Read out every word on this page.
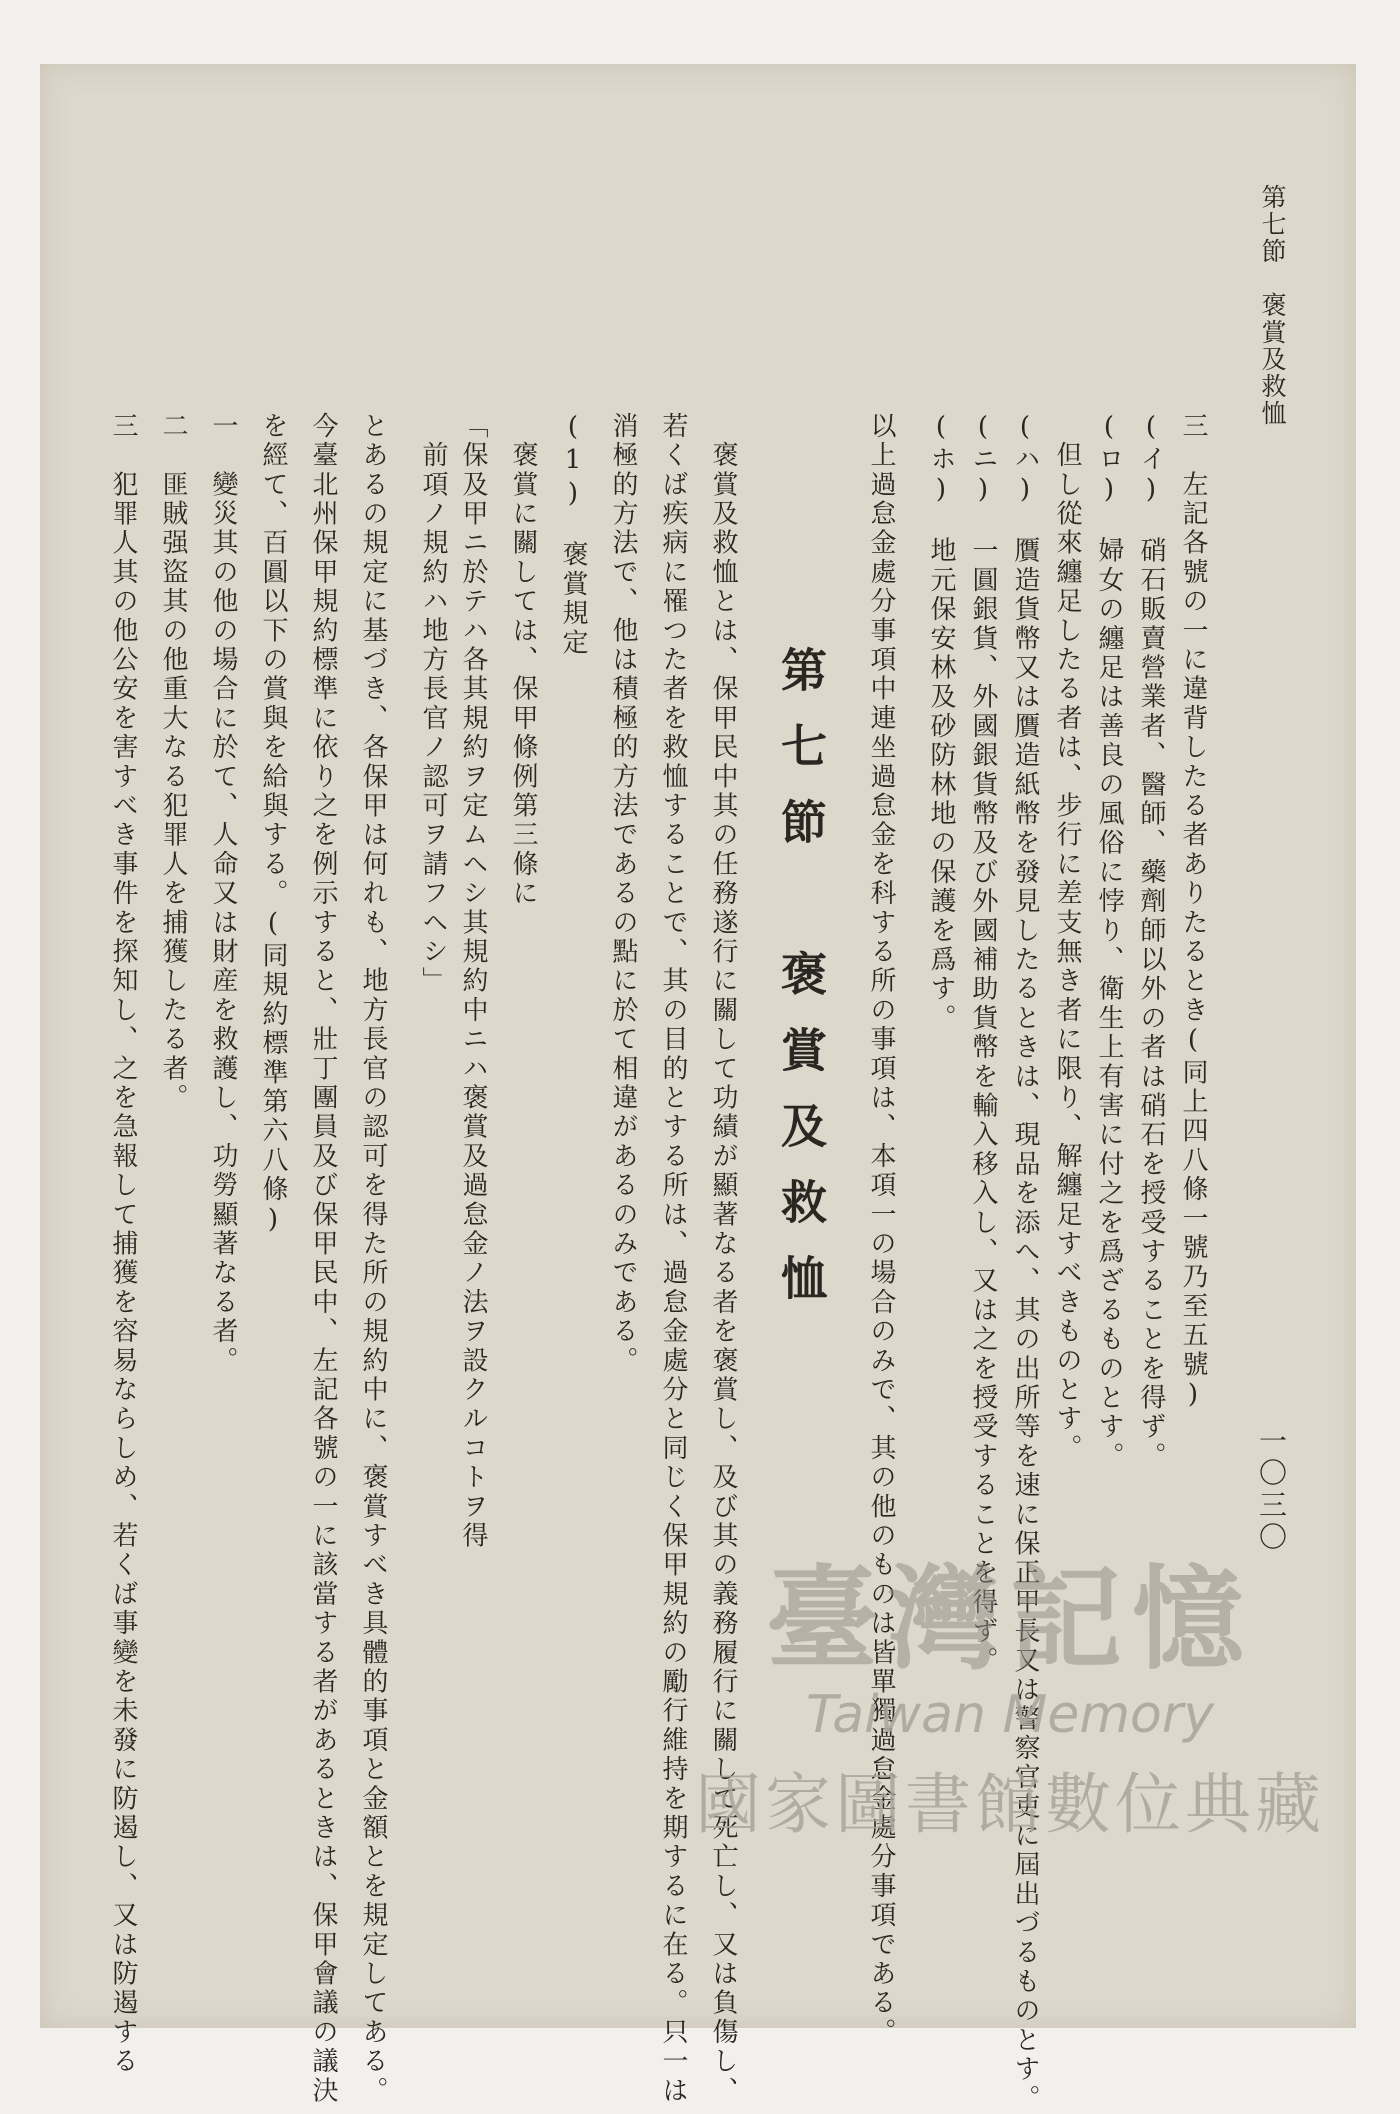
第七節　褒賞及救恤
一〇三〇
三　左記各號の一に違背したる者ありたるとき(同上四八條一號乃至五號)
(イ)　硝石販賣營業者、醫師、藥劑師以外の者は硝石を授受することを得ず。
(ロ)　婦女の纏足は善良の風俗に悖り、衛生上有害に付之を爲ざるものとす。
　但し從來纏足したる者は、步行に差支無き者に限り、解纏足すべきものとす。
(ハ)　贋造貨幣又は贋造紙幣を發見したるときは、現品を添へ、其の出所等を速に保正甲長又は警察官吏に屆出づるものとす。
(ニ)　一圓銀貨、外國銀貨幣及び外國補助貨幣を輸入移入し、又は之を授受することを得ず。
(ホ)　地元保安林及砂防林地の保護を爲す。
以上過怠金處分事項中連坐過怠金を科する所の事項は、本項一の場合のみで、其の他のものは皆單獨過怠金處分事項である。
第七節　褒賞及救恤
　褒賞及救恤とは、保甲民中其の任務遂行に關して功績が顯著なる者を褒賞し、及び其の義務履行に關して死亡し、又は負傷し、
若くば疾病に罹つた者を救恤することで、其の目的とする所は、過怠金處分と同じく保甲規約の勵行維持を期するに在る。只一は
消極的方法で、他は積極的方法であるの點に於て相違があるのみである。
(1)　褒賞規定
　褒賞に關しては、保甲條例第三條に
「保及甲ニ於テハ各其規約ヲ定ムヘシ其規約中ニハ褒賞及過怠金ノ法ヲ設クルコトヲ得
　前項ノ規約ハ地方長官ノ認可ヲ請フヘシ」
とあるの規定に基づき、各保甲は何れも、地方長官の認可を得た所の規約中に、褒賞すべき具體的事項と金額とを規定してある。
今臺北州保甲規約標準に依り之を例示すると、壯丁團員及び保甲民中、左記各號の一に該當する者があるときは、保甲會議の議決
を經て、百圓以下の賞與を給與する。(同規約標準第六八條)
一　變災其の他の場合に於て、人命又は財産を救護し、功勞顯著なる者。
二　匪賊强盜其の他重大なる犯罪人を捕獲したる者。
三　犯罪人其の他公安を害すべき事件を探知し、之を急報して捕獲を容易ならしめ、若くば事變を未發に防遏し、又は防遏する	臺灣記憶
Taiwan Memory
國家圖書館數位典藏
